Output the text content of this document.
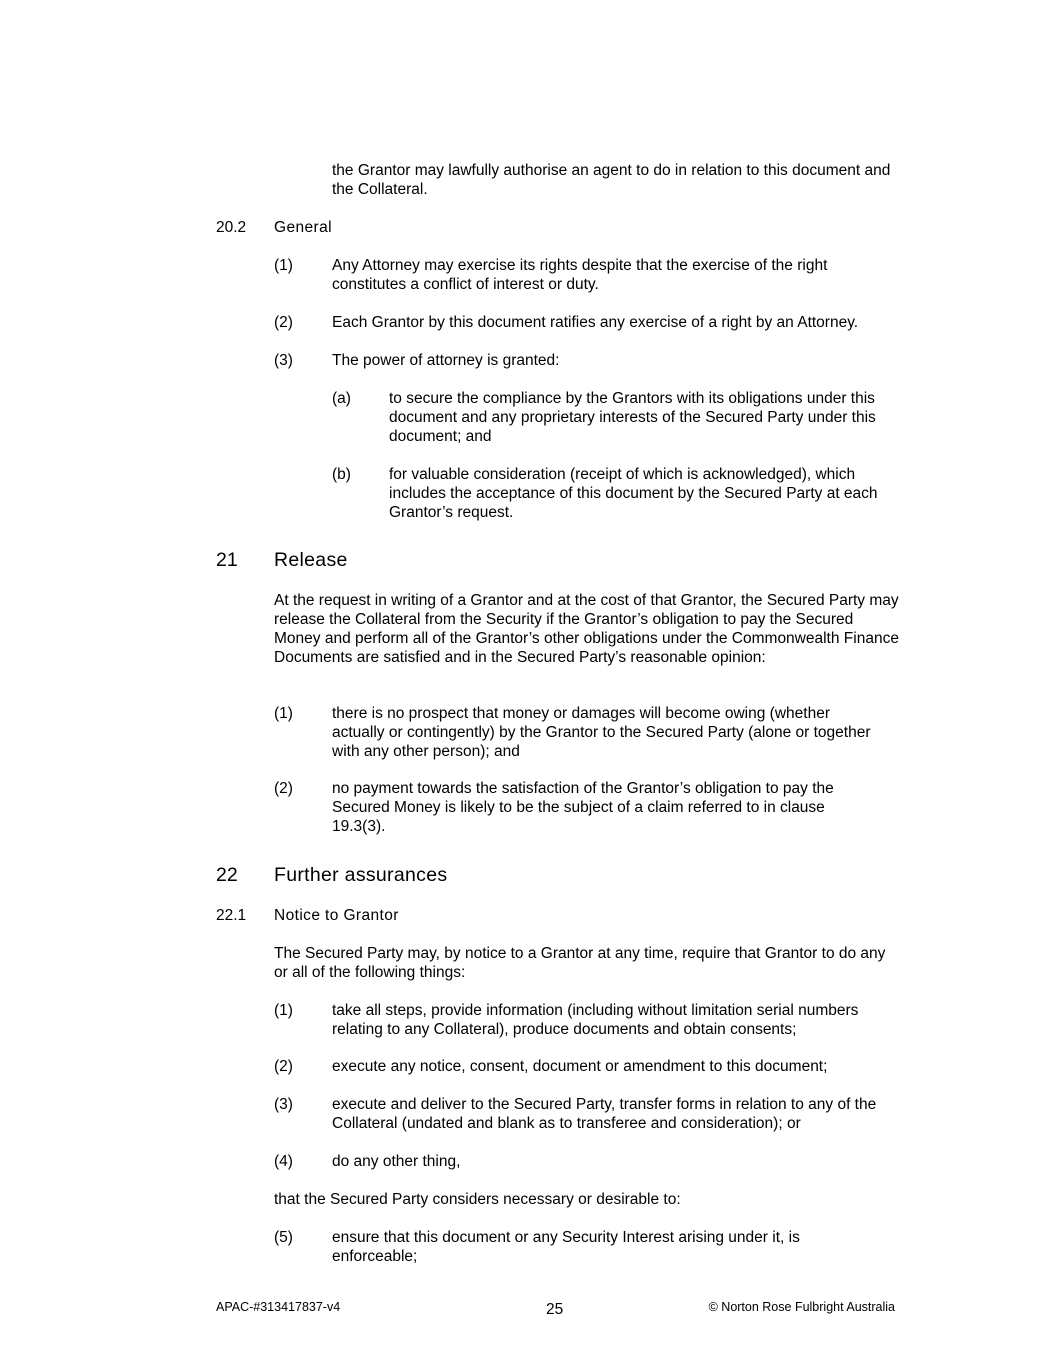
the Grantor may lawfully authorise an agent to do in relation to this document and the Collateral.
20.2 General
(1)	Any Attorney may exercise its rights despite that the exercise of the right constitutes a conflict of interest or duty.
(2)	Each Grantor by this document ratifies any exercise of a right by an Attorney.
(3)	The power of attorney is granted:
(a) to secure the compliance by the Grantors with its obligations under this document and any proprietary interests of the Secured Party under this document; and
(b) for valuable consideration (receipt of which is acknowledged), which includes the acceptance of this document by the Secured Party at each Grantor’s request.
21 Release
At the request in writing of a Grantor and at the cost of that Grantor, the Secured Party may release the Collateral from the Security if the Grantor’s obligation to pay the Secured Money and perform all of the Grantor’s other obligations under the Commonwealth Finance Documents are satisfied and in the Secured Party’s reasonable opinion:
(1)	there is no prospect that money or damages will become owing (whether actually or contingently) by the Grantor to the Secured Party (alone or together with any other person); and
(2)	no payment towards the satisfaction of the Grantor’s obligation to pay the Secured Money is likely to be the subject of a claim referred to in clause 19.3(3).
22 Further assurances
22.1 Notice to Grantor
The Secured Party may, by notice to a Grantor at any time, require that Grantor to do any or all of the following things:
(1)	take all steps, provide information (including without limitation serial numbers relating to any Collateral), produce documents and obtain consents;
(2)	execute any notice, consent, document or amendment to this document;
(3)	execute and deliver to the Secured Party, transfer forms in relation to any of the Collateral (undated and blank as to transferee and consideration); or
(4)	do any other thing,
that the Secured Party considers necessary or desirable to:
(5)	ensure that this document or any Security Interest arising under it, is enforceable;
APAC-#313417837-v4	25	© Norton Rose Fulbright Australia
